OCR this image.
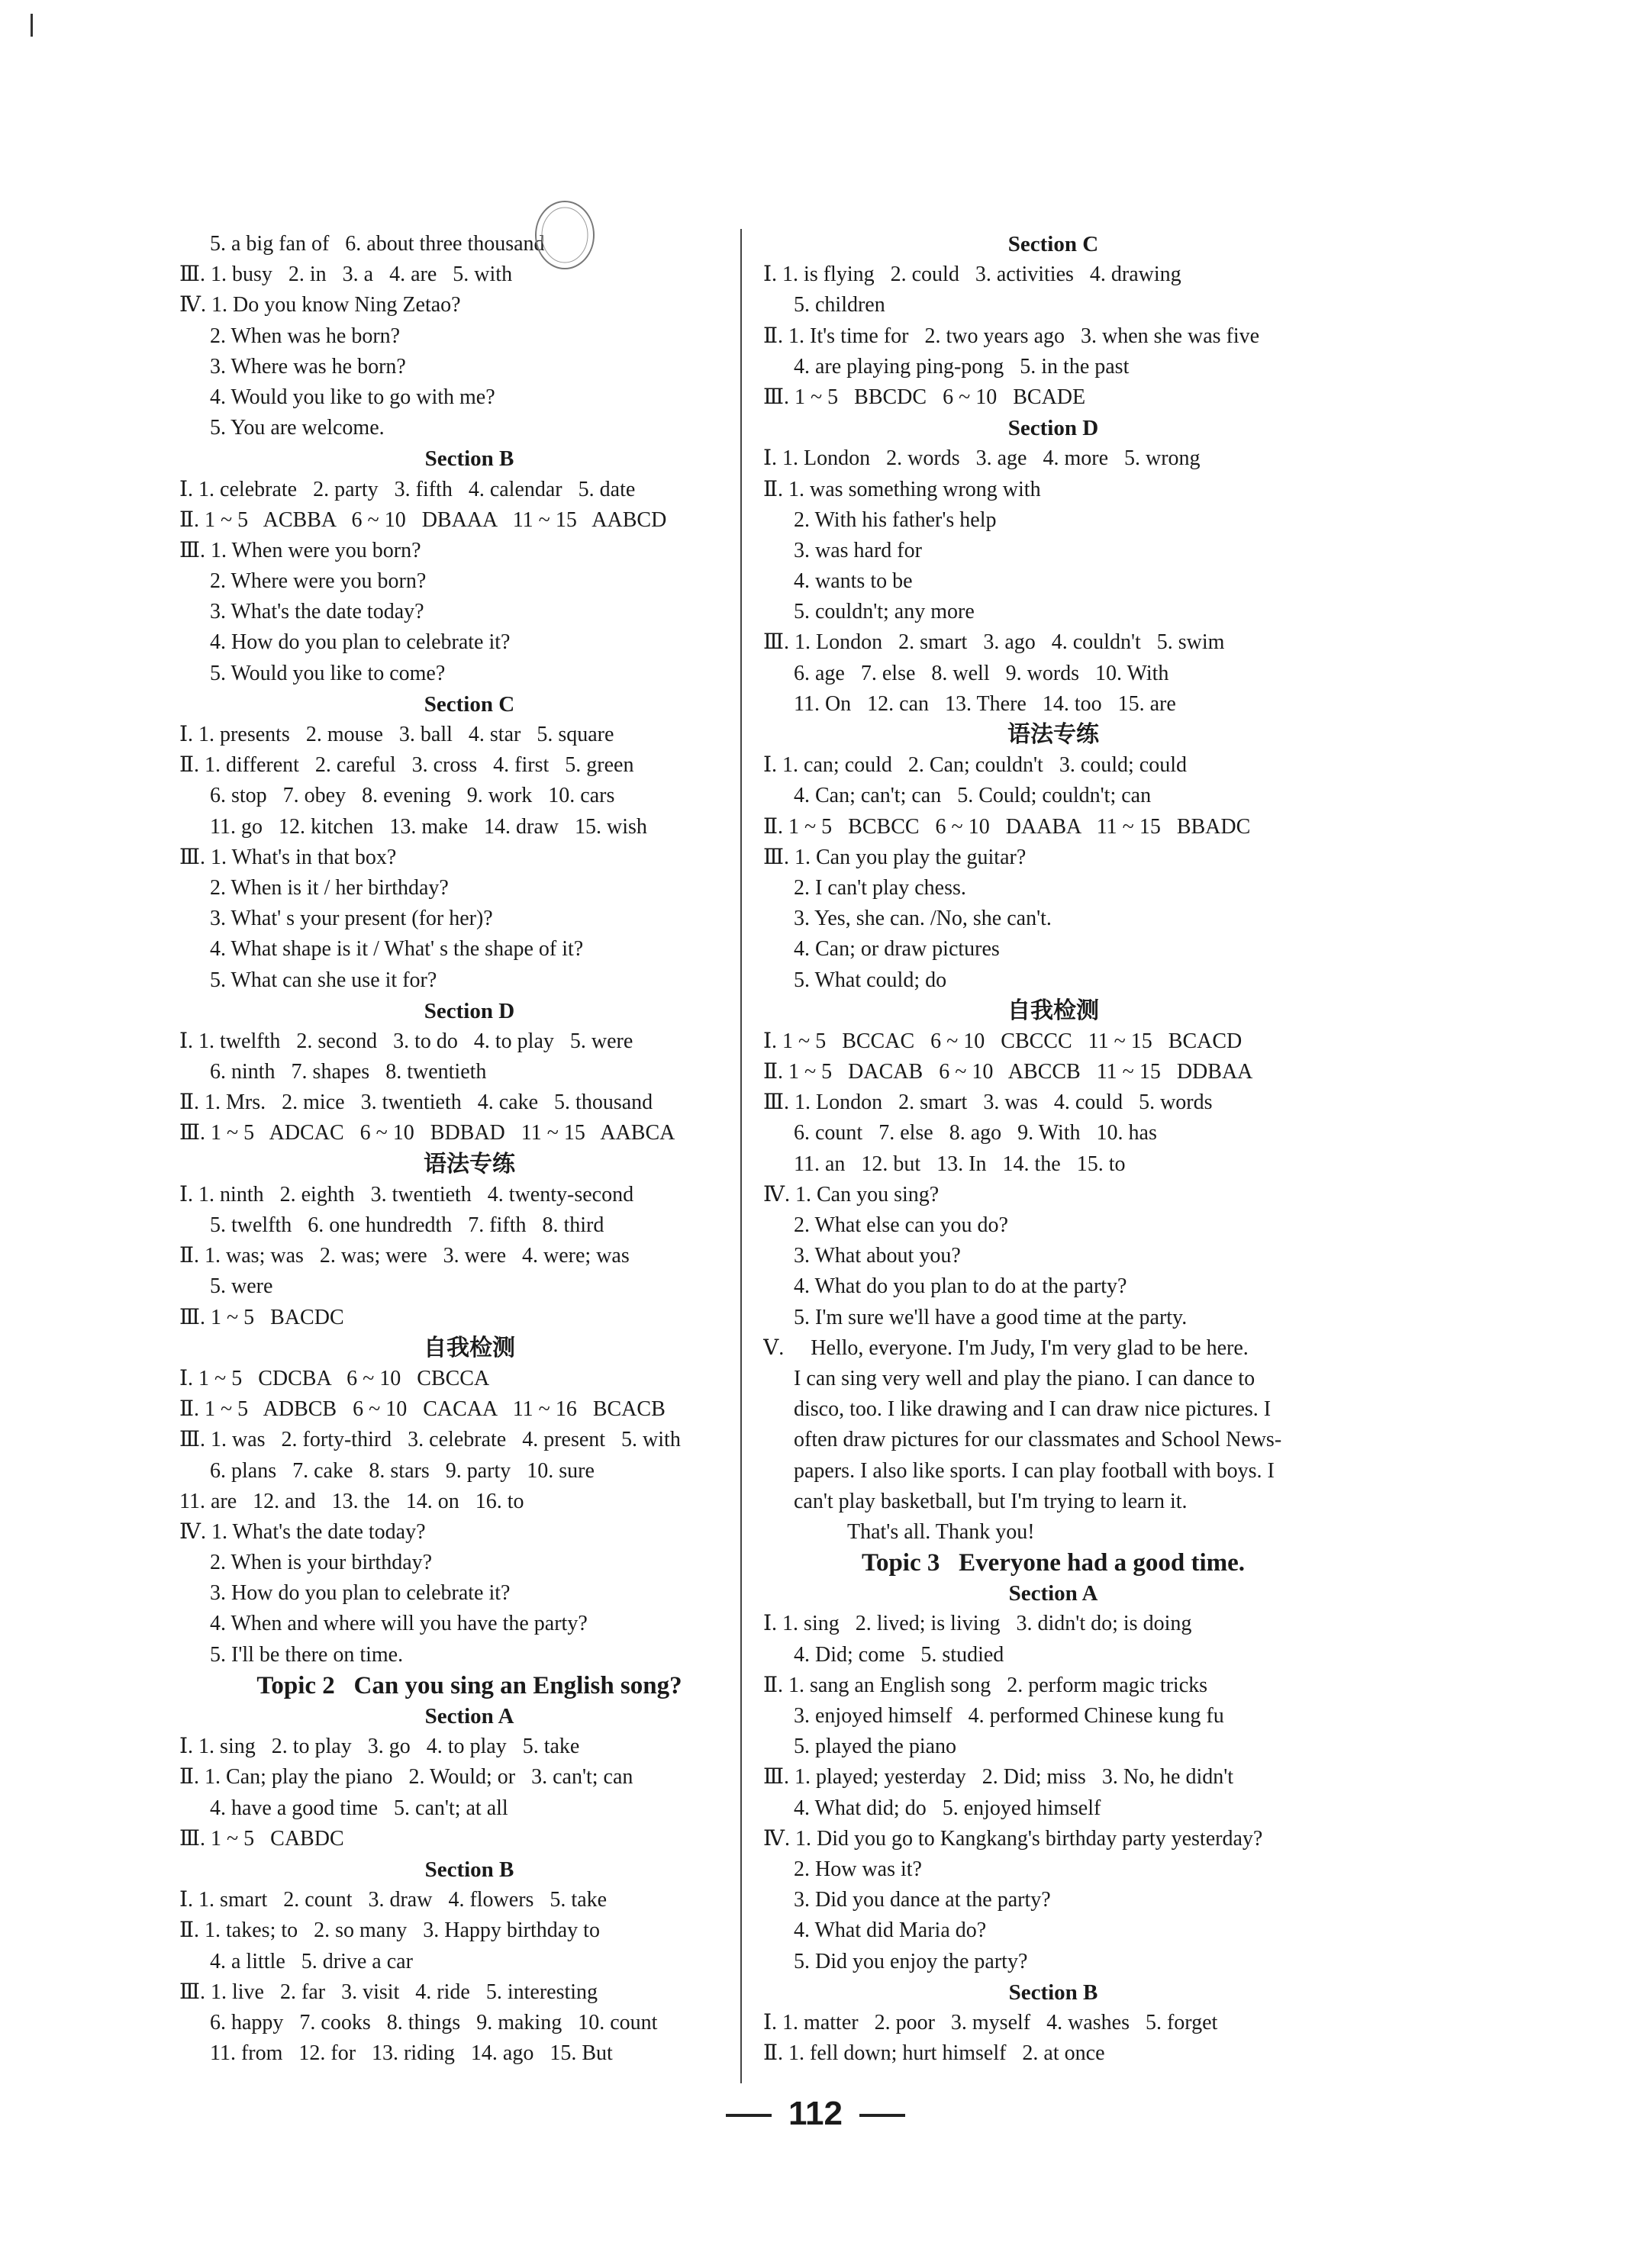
5. a big fan of   6. about three thousand
Ⅲ. 1. busy   2. in   3. a   4. are   5. with
Ⅳ. 1. Do you know Ning Zetao?
2. When was he born?
3. Where was he born?
4. Would you like to go with me?
5. You are welcome.
Section B
Ⅰ. 1. celebrate   2. party   3. fifth   4. calendar   5. date
Ⅱ. 1 ~ 5   ACBBA   6 ~ 10   DBAAA   11 ~ 15   AABCD
Ⅲ. 1. When were you born?
2. Where were you born?
3. What's the date today?
4. How do you plan to celebrate it?
5. Would you like to come?
Section C
Ⅰ. 1. presents   2. mouse   3. ball   4. star   5. square
Ⅱ. 1. different   2. careful   3. cross   4. first   5. green
6. stop   7. obey   8. evening   9. work   10. cars
11. go   12. kitchen   13. make   14. draw   15. wish
Ⅲ. 1. What's in that box?
2. When is it / her birthday?
3. What' s your present (for her)?
4. What shape is it / What' s the shape of it?
5. What can she use it for?
Section D
Ⅰ. 1. twelfth   2. second   3. to do   4. to play   5. were
6. ninth   7. shapes   8. twentieth
Ⅱ. 1. Mrs.   2. mice   3. twentieth   4. cake   5. thousand
Ⅲ. 1 ~ 5   ADCAC   6 ~ 10   BDBAD   11 ~ 15   AABCA
语法专练
Ⅰ. 1. ninth   2. eighth   3. twentieth   4. twenty-second
5. twelfth   6. one hundredth   7. fifth   8. third
Ⅱ. 1. was; was   2. was; were   3. were   4. were; was
5. were
Ⅲ. 1 ~ 5   BACDC
自我检测
Ⅰ. 1 ~ 5   CDCBA   6 ~ 10   CBCCA
Ⅱ. 1 ~ 5   ADBCB   6 ~ 10   CACAA   11 ~ 16   BCACB
Ⅲ. 1. was   2. forty-third   3. celebrate   4. present   5. with
6. plans   7. cake   8. stars   9. party   10. sure
11. are   12. and   13. the   14. on   16. to
Ⅳ. 1. What's the date today?
2. When is your birthday?
3. How do you plan to celebrate it?
4. When and where will you have the party?
5. I'll be there on time.
Topic 2   Can you sing an English song?
Section A
Ⅰ. 1. sing   2. to play   3. go   4. to play   5. take
Ⅱ. 1. Can; play the piano   2. Would; or   3. can't; can
4. have a good time   5. can't; at all
Ⅲ. 1 ~ 5   CABDC
Section B
Ⅰ. 1. smart   2. count   3. draw   4. flowers   5. take
Ⅱ. 1. takes; to   2. so many   3. Happy birthday to
4. a little   5. drive a car
Ⅲ. 1. live   2. far   3. visit   4. ride   5. interesting
6. happy   7. cooks   8. things   9. making   10. count
11. from   12. for   13. riding   14. ago   15. But
Section C
Ⅰ. 1. is flying   2. could   3. activities   4. drawing
5. children
Ⅱ. 1. It's time for   2. two years ago   3. when she was five
4. are playing ping-pong   5. in the past
Ⅲ. 1 ~ 5   BBCDC   6 ~ 10   BCADE
Section D
Ⅰ. 1. London   2. words   3. age   4. more   5. wrong
Ⅱ. 1. was something wrong with
2. With his father's help
3. was hard for
4. wants to be
5. couldn't; any more
Ⅲ. 1. London   2. smart   3. ago   4. couldn't   5. swim
6. age   7. else   8. well   9. words   10. With
11. On   12. can   13. There   14. too   15. are
语法专练
Ⅰ. 1. can; could   2. Can; couldn't   3. could; could
4. Can; can't; can   5. Could; couldn't; can
Ⅱ. 1 ~ 5   BCBCC   6 ~ 10   DAABA   11 ~ 15   BBADC
Ⅲ. 1. Can you play the guitar?
2. I can't play chess.
3. Yes, she can. /No, she can't.
4. Can; or draw pictures
5. What could; do
自我检测
Ⅰ. 1 ~ 5   BCCAC   6 ~ 10   CBCCC   11 ~ 15   BCACD
Ⅱ. 1 ~ 5   DACAB   6 ~ 10   ABCCB   11 ~ 15   DDBAA
Ⅲ. 1. London   2. smart   3. was   4. could   5. words
6. count   7. else   8. ago   9. With   10. has
11. an   12. but   13. In   14. the   15. to
Ⅳ. 1. Can you sing?
2. What else can you do?
3. What about you?
4. What do you plan to do at the party?
5. I'm sure we'll have a good time at the party.
Ⅴ.     Hello, everyone. I'm Judy, I'm very glad to be here.
I can sing very well and play the piano. I can dance to
disco, too. I like drawing and I can draw nice pictures. I
often draw pictures for our classmates and School News-
papers. I also like sports. I can play football with boys. I
can't play basketball, but I'm trying to learn it.
That's all. Thank you!
Topic 3   Everyone had a good time.
Section A
Ⅰ. 1. sing   2. lived; is living   3. didn't do; is doing
4. Did; come   5. studied
Ⅱ. 1. sang an English song   2. perform magic tricks
3. enjoyed himself   4. performed Chinese kung fu
5. played the piano
Ⅲ. 1. played; yesterday   2. Did; miss   3. No, he didn't
4. What did; do   5. enjoyed himself
Ⅳ. 1. Did you go to Kangkang's birthday party yesterday?
2. How was it?
3. Did you dance at the party?
4. What did Maria do?
5. Did you enjoy the party?
Section B
Ⅰ. 1. matter   2. poor   3. myself   4. washes   5. forget
Ⅱ. 1. fell down; hurt himself   2. at once
112
